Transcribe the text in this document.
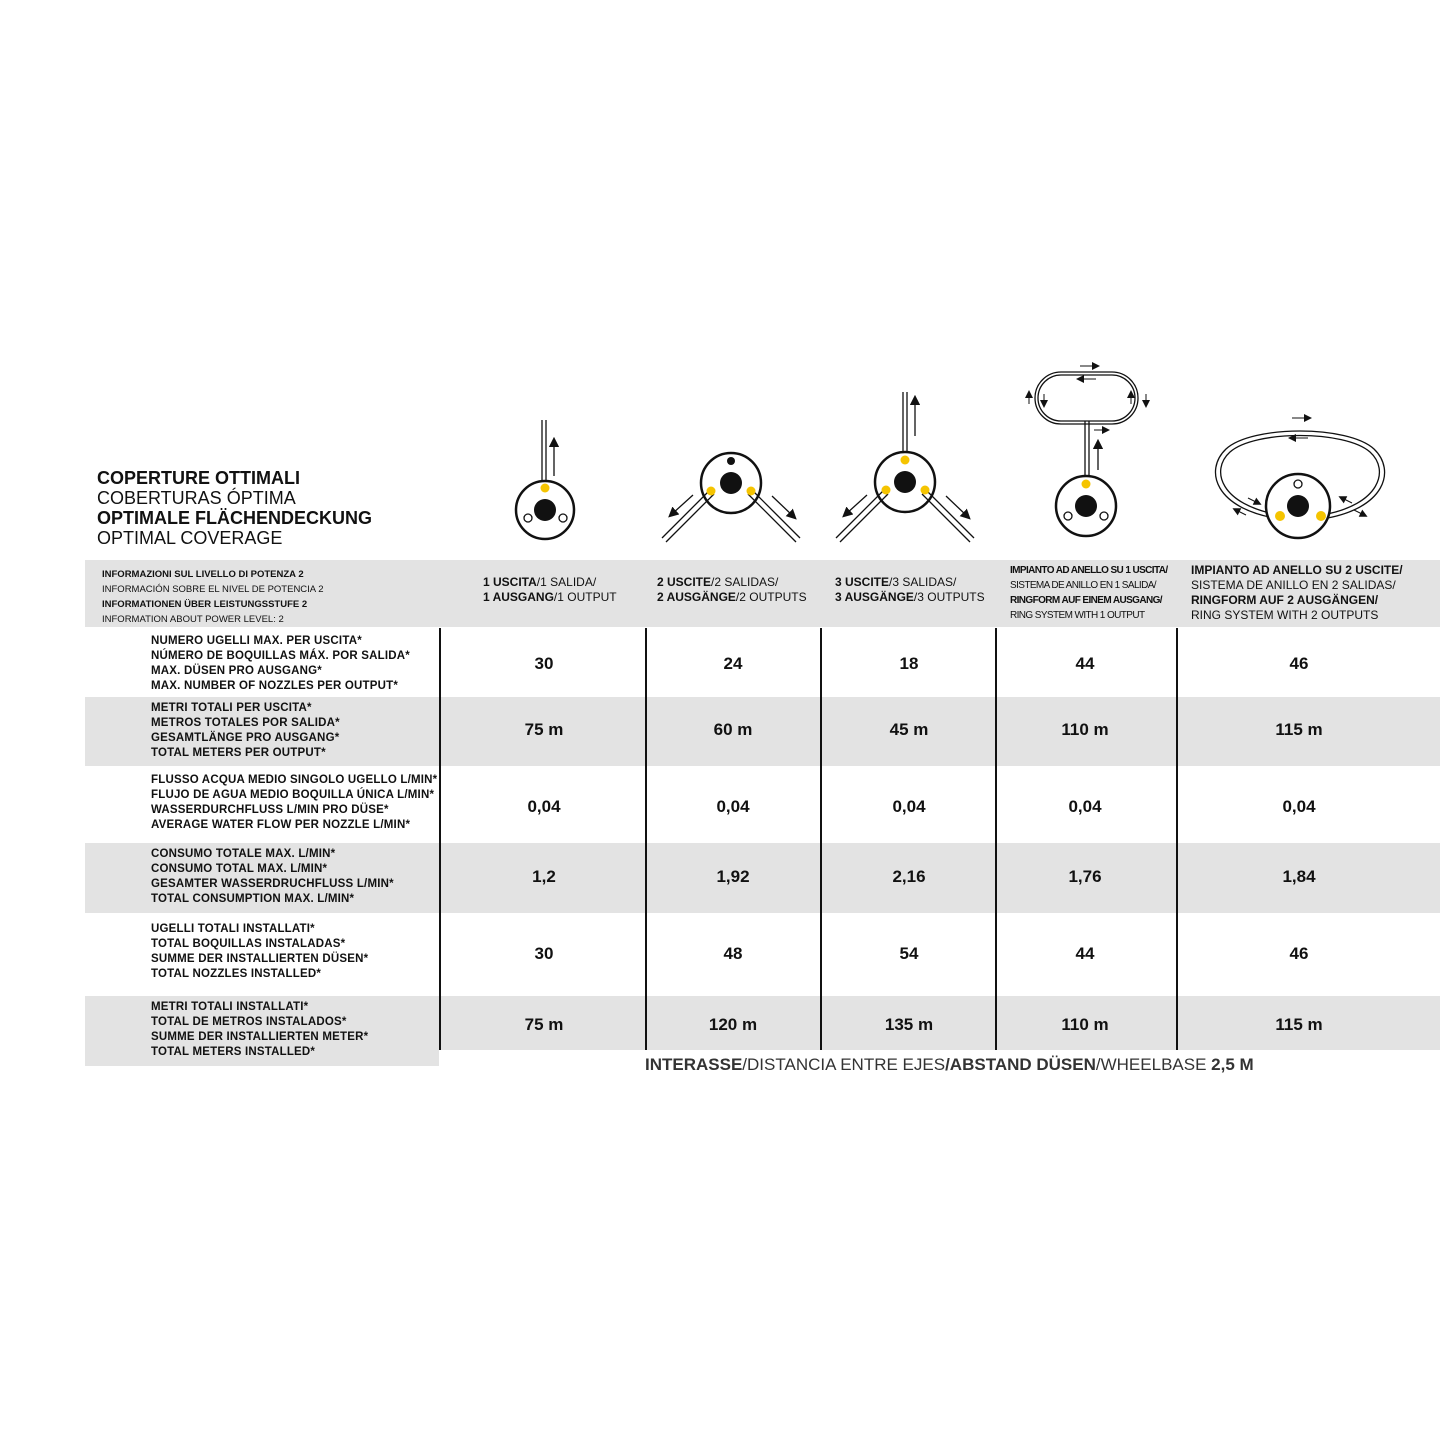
COPERTURE OTTIMALI
COBERTURAS ÓPTIMA
OPTIMALE FLÄCHENDECKUNG
OPTIMAL COVERAGE
INFORMAZIONI SUL LIVELLO DI POTENZA 2
INFORMACIÓN SOBRE EL NIVEL DE POTENCIA 2
INFORMATIONEN ÜBER LEISTUNGSSTUFE 2
INFORMATION ABOUT POWER LEVEL: 2
1 USCITA/1 SALIDA/
1 AUSGANG/1 OUTPUT
2 USCITE/2 SALIDAS/
2 AUSGÄNGE/2 OUTPUTS
3 USCITE/3 SALIDAS/
3 AUSGÄNGE/3 OUTPUTS
IMPIANTO AD ANELLO SU 1 USCITA/
SISTEMA DE ANILLO EN 1 SALIDA/
RINGFORM AUF EINEM AUSGANG/
RING SYSTEM WITH 1 OUTPUT
IMPIANTO AD ANELLO SU 2 USCITE/
SISTEMA DE ANILLO EN 2 SALIDAS/
RINGFORM AUF 2 AUSGÄNGEN/
RING SYSTEM WITH 2 OUTPUTS
NUMERO UGELLI MAX. PER USCITA*
NÚMERO DE BOQUILLAS MÁX. POR SALIDA*
MAX. DÜSEN PRO AUSGANG*
MAX. NUMBER OF NOZZLES PER OUTPUT*
30	24	18	44	46
METRI TOTALI PER USCITA*
METROS TOTALES POR SALIDA*
GESAMTLÄNGE PRO AUSGANG*
TOTAL METERS PER OUTPUT*
75 m	60 m	45 m	110 m	115 m
FLUSSO ACQUA MEDIO SINGOLO UGELLO L/MIN*
FLUJO DE AGUA MEDIO BOQUILLA ÚNICA L/MIN*
WASSERDURCHFLUSS L/MIN PRO DÜSE*
AVERAGE WATER FLOW PER NOZZLE L/MIN*
0,04	0,04	0,04	0,04	0,04
CONSUMO TOTALE MAX. L/MIN*
CONSUMO TOTAL MAX. L/MIN*
GESAMTER WASSERDRUCHFLUSS L/MIN*
TOTAL CONSUMPTION MAX. L/MIN*
1,2	1,92	2,16	1,76	1,84
UGELLI TOTALI INSTALLATI*
TOTAL BOQUILLAS INSTALADAS*
SUMME DER INSTALLIERTEN DÜSEN*
TOTAL NOZZLES INSTALLED*
30	48	54	44	46
METRI TOTALI INSTALLATI*
TOTAL DE METROS INSTALADOS*
SUMME DER INSTALLIERTEN METER*
TOTAL METERS INSTALLED*
75 m	120 m	135 m	110 m	115 m
INTERASSE/DISTANCIA ENTRE EJES/ABSTAND DÜSEN/WHEELBASE 2,5 M
